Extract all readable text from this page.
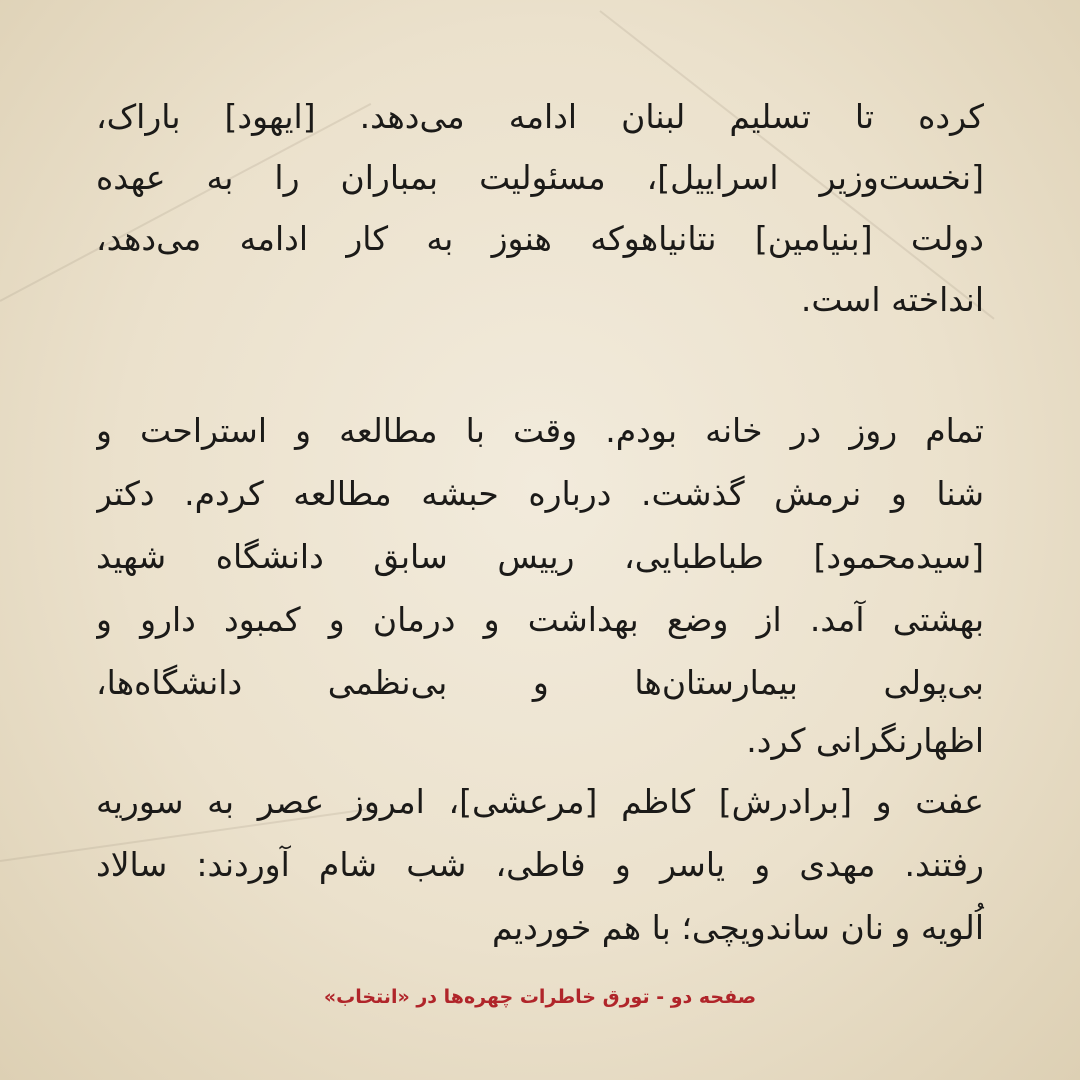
کرده تا تسلیم لبنان ادامه می‌دهد. [ایهود] باراک،
[نخست‌وزیر اسراییل]، مسئولیت بمباران را به عهده
دولت [بنیامین] نتانیاهوکه هنوز به کار ادامه می‌دهد،
انداخته است.
تمام روز در خانه بودم. وقت با مطالعه و استراحت و
شنا و نرمش گذشت. درباره حبشه مطالعه کردم. دکتر
[سیدمحمود] طباطبایی، رییس سابق دانشگاه شهید
بهشتی آمد. از وضع بهداشت و درمان و کمبود دارو و
بی‌پولی بیمارستان‌ها و بی‌نظمی دانشگاه‌ها،
اظهارنگرانی کرد.
عفت و [برادرش] کاظم [مرعشی]، امروز عصر به سوریه
رفتند. مهدی و یاسر و فاطی، شب شام آوردند: سالاد
اُلویه و نان ساندویچی؛ با هم خوردیم
صفحه دو - تورق خاطرات چهره‌ها در «انتخاب»
